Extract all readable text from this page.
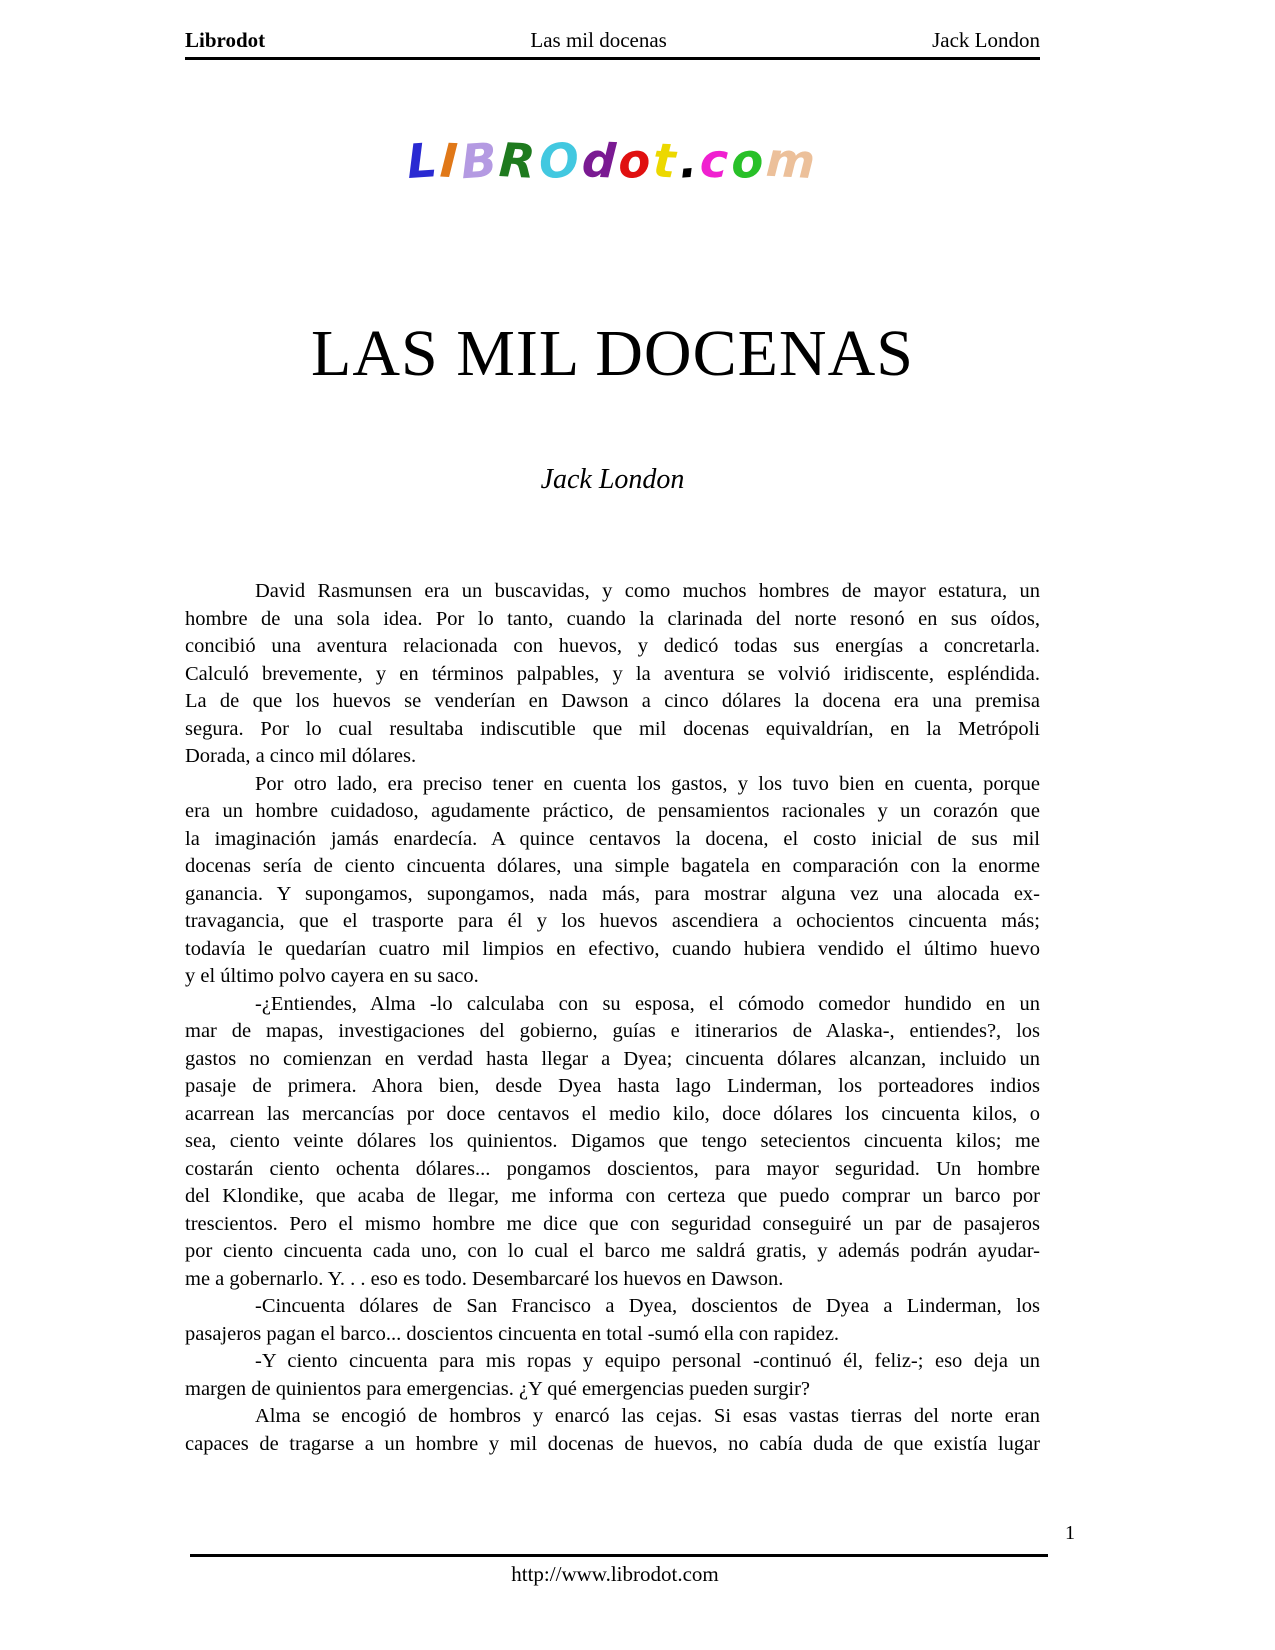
Librodot	Las mil docenas	Jack London
LIBROdot.com
LAS MIL DOCENAS
Jack London
David Rasmunsen era un buscavidas, y como muchos hombres de mayor estatura, un
hombre de una sola idea. Por lo tanto, cuando la clarinada del norte resonó en sus oídos,
concibió una aventura relacionada con huevos, y dedicó todas sus energías a concretarla.
Calculó brevemente, y en términos palpables, y la aventura se volvió iridiscente, espléndida.
La de que los huevos se venderían en Dawson a cinco dólares la docena era una premisa
segura. Por lo cual resultaba indiscutible que mil docenas equivaldrían, en la Metrópoli
Dorada, a cinco mil dólares.
Por otro lado, era preciso tener en cuenta los gastos, y los tuvo bien en cuenta, porque
era un hombre cuidadoso, agudamente práctico, de pensamientos racionales y un corazón que
la imaginación jamás enardecía. A quince centavos la docena, el costo inicial de sus mil
docenas sería de ciento cincuenta dólares, una simple bagatela en comparación con la enorme
ganancia. Y supongamos, supongamos, nada más, para mostrar alguna vez una alocada ex-
travagancia, que el trasporte para él y los huevos ascendiera a ochocientos cincuenta más;
todavía le quedarían cuatro mil limpios en efectivo, cuando hubiera vendido el último huevo
y el último polvo cayera en su saco.
-¿Entiendes, Alma -lo calculaba con su esposa, el cómodo comedor hundido en un
mar de mapas, investigaciones del gobierno, guías e itinerarios de Alaska-, entiendes?, los
gastos no comienzan en verdad hasta llegar a Dyea; cincuenta dólares alcanzan, incluido un
pasaje de primera. Ahora bien, desde Dyea hasta lago Linderman, los porteadores indios
acarrean las mercancías por doce centavos el medio kilo, doce dólares los cincuenta kilos, o
sea, ciento veinte dólares los quinientos. Digamos que tengo setecientos cincuenta kilos; me
costarán ciento ochenta dólares... pongamos doscientos, para mayor seguridad. Un hombre
del Klondike, que acaba de llegar, me informa con certeza que puedo comprar un barco por
trescientos. Pero el mismo hombre me dice que con seguridad conseguiré un par de pasajeros
por ciento cincuenta cada uno, con lo cual el barco me saldrá gratis, y además podrán ayudar-
me a gobernarlo. Y. . . eso es todo. Desembarcaré los huevos en Dawson.
-Cincuenta dólares de San Francisco a Dyea, doscientos de Dyea a Linderman, los
pasajeros pagan el barco... doscientos cincuenta en total -sumó ella con rapidez.
-Y ciento cincuenta para mis ropas y equipo personal -continuó él, feliz-; eso deja un
margen de quinientos para emergencias. ¿Y qué emergencias pueden surgir?
Alma se encogió de hombros y enarcó las cejas. Si esas vastas tierras del norte eran
capaces de tragarse a un hombre y mil docenas de huevos, no cabía duda de que existía lugar
1
http://www.librodot.com
